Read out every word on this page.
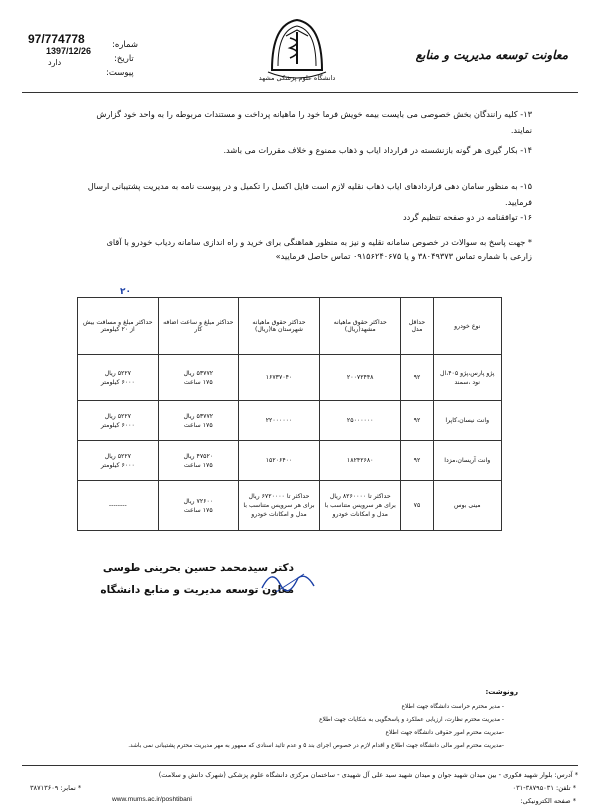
97/774778
1397/12/26
دارد
شماره:
تاریخ:
پیوست:	دانشگاه علوم پزشکی مشهد
معاونت توسعه مدیریت و منابع
۱۳- کلیه رانندگان بخش خصوصی می بایست بیمه خویش فرما خود را ماهیانه پرداخت و مستندات مربوطه را به واحد خود گزارش
نمایند.
۱۴- بکار گیری هر گونه بازنشسته در قرارداد ایاب و ذهاب ممنوع و خلاف مقررات می باشد.
۱۵- به منظور سامان دهی قراردادهای ایاب ذهاب نقلیه لازم است فایل اکسل را تکمیل و در پیوست نامه به مدیریت پشتیبانی ارسال
فرمایید.
۱۶- توافقنامه در دو صفحه تنظیم گردد
* جهت پاسخ به سوالات در خصوص سامانه نقلیه و نیز به منظور هماهنگی برای خرید و راه اندازی سامانه ردیاب خودرو با آقای
زارعی با شماره تماس ۳۸۰۴۹۳۷۳ و یا ۰۹۱۵۶۲۴۰۶۷۵ تماس حاصل فرمایید»
۲۰
نوع خودرو	حداقل مدل	حداکثر حقوق ماهیانه مشهد(ریال)	حداکثر حقوق ماهیانه شهرستان ها(ریال)	حداکثر مبلغ و ساعت اضافه کار	حداکثر مبلغ و مسافت بیش از ۲۰ کیلومتر

پژو پارس،پژو ۴۰۵،ال نود ،سمند	۹۲	۲۰۰۷۲۴۴۸	۱۶۷۳۷۰۴۰	۵۳۷۷۲ ریال
۱۷۵ ساعت	۵۲۲۷ ریال
۶۰۰۰ کیلومتر

وانت نیسان،کاپرا	۹۲	۲۵۰۰۰۰۰۰	۲۲۰۰۰۰۰۰	۵۳۷۷۲ ریال
۱۷۵ ساعت	۵۲۲۷ ریال
۶۰۰۰ کیلومتر

وانت آریسان،مزدا	۹۲	۱۸۲۴۲۶۸۰	۱۵۲۰۶۴۰۰	۴۷۵۲۰ ریال
۱۷۵ ساعت	۵۲۲۷ ریال
۶۰۰۰ کیلومتر

مینی بوس	۷۵	حداکثر تا ۸۲۶۰۰۰۰ ریال
برای هر سرویس متناسب با
مدل و امکانات خودرو	حداکثر تا ۶۷۲۰۰۰۰ ریال
برای هر سرویس متناسب با
مدل و امکانات خودرو	۷۲۶۰۰ ریال
۱۷۵ ساعت	--------
دکتر سیدمحمد حسین بحرینی طوسی
معاون توسعه مدیریت و منابع دانشگاه
رونوشت:
- مدیر محترم حراست دانشگاه جهت اطلاع
- مدیریت محترم نظارت، ارزیابی عملکرد و پاسخگویی به شکایات جهت اطلاع
-مدیریت محترم امور حقوقی دانشگاه جهت اطلاع
-مدیریت محترم امور مالی دانشگاه جهت اطلاع و اقدام لازم در خصوص اجرای بند ۵ و عدم تائید اسنادی که ممهور به مهر مدیریت محترم پشتیبانی نمی باشد.
* آدرس: بلوار شهید فکوری - بین میدان شهید جوان و میدان شهید سید علی آل شهیدی - ساختمان مرکزی دانشگاه علوم پزشکی (شهرک دانش و سلامت)
* تلفن: ۳۸۷۹۵۰۳۱-۰۳۱
* نمابر: ۳۸۷۱۳۶۰۹
www.mums.ac.ir/poshtibani	* صفحه الکترونیکی:
